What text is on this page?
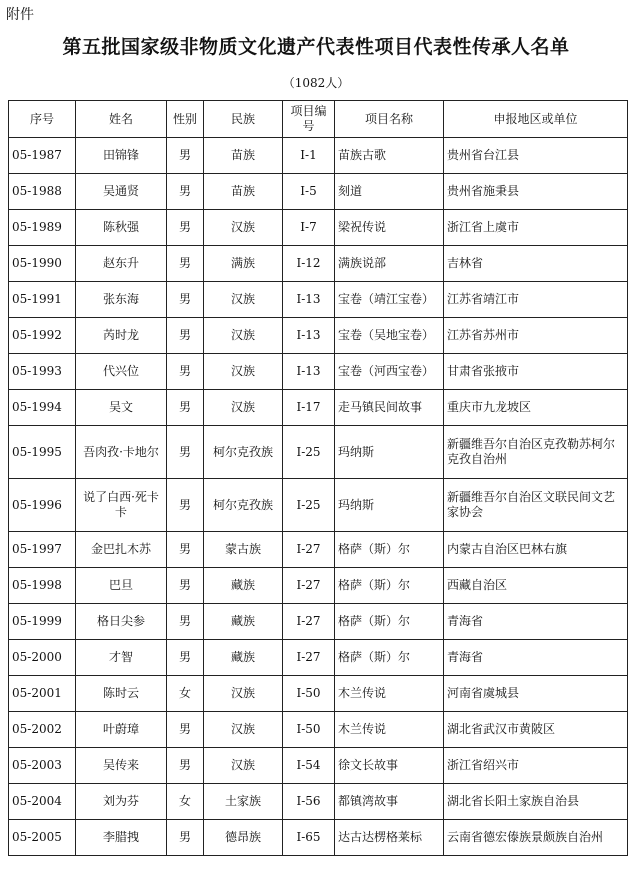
附件
第五批国家级非物质文化遗产代表性项目代表性传承人名单
（1082人）
序号	姓名	性别	民族	项目编号	项目名称	申报地区或单位
05-1987	田锦锋	男	苗族	I-1	苗族古歌	贵州省台江县
05-1988	吴通贤	男	苗族	I-5	刻道	贵州省施秉县
05-1989	陈秋强	男	汉族	I-7	梁祝传说	浙江省上虞市
05-1990	赵东升	男	满族	I-12	满族说部	吉林省
05-1991	张东海	男	汉族	I-13	宝卷（靖江宝卷）	江苏省靖江市
05-1992	芮时龙	男	汉族	I-13	宝卷（吴地宝卷）	江苏省苏州市
05-1993	代兴位	男	汉族	I-13	宝卷（河西宝卷）	甘肃省张掖市
05-1994	吴文	男	汉族	I-17	走马镇民间故事	重庆市九龙坡区
05-1995	吾肉孜·卡地尔	男	柯尔克孜族	I-25	玛纳斯	新疆维吾尔自治区克孜勒苏柯尔克孜自治州
05-1996	说了白西·死卡卡	男	柯尔克孜族	I-25	玛纳斯	新疆维吾尔自治区文联民间文艺家协会
05-1997	金巴扎木苏	男	蒙古族	I-27	格萨（斯）尔	内蒙古自治区巴林右旗
05-1998	巴旦	男	藏族	I-27	格萨（斯）尔	西藏自治区
05-1999	格日尖参	男	藏族	I-27	格萨（斯）尔	青海省
05-2000	才智	男	藏族	I-27	格萨（斯）尔	青海省
05-2001	陈时云	女	汉族	I-50	木兰传说	河南省虞城县
05-2002	叶蔚璋	男	汉族	I-50	木兰传说	湖北省武汉市黄陂区
05-2003	吴传来	男	汉族	I-54	徐文长故事	浙江省绍兴市
05-2004	刘为芬	女	土家族	I-56	都镇湾故事	湖北省长阳土家族自治县
05-2005	李腊拽	男	德昂族	I-65	达古达楞格莱标	云南省德宏傣族景颇族自治州
